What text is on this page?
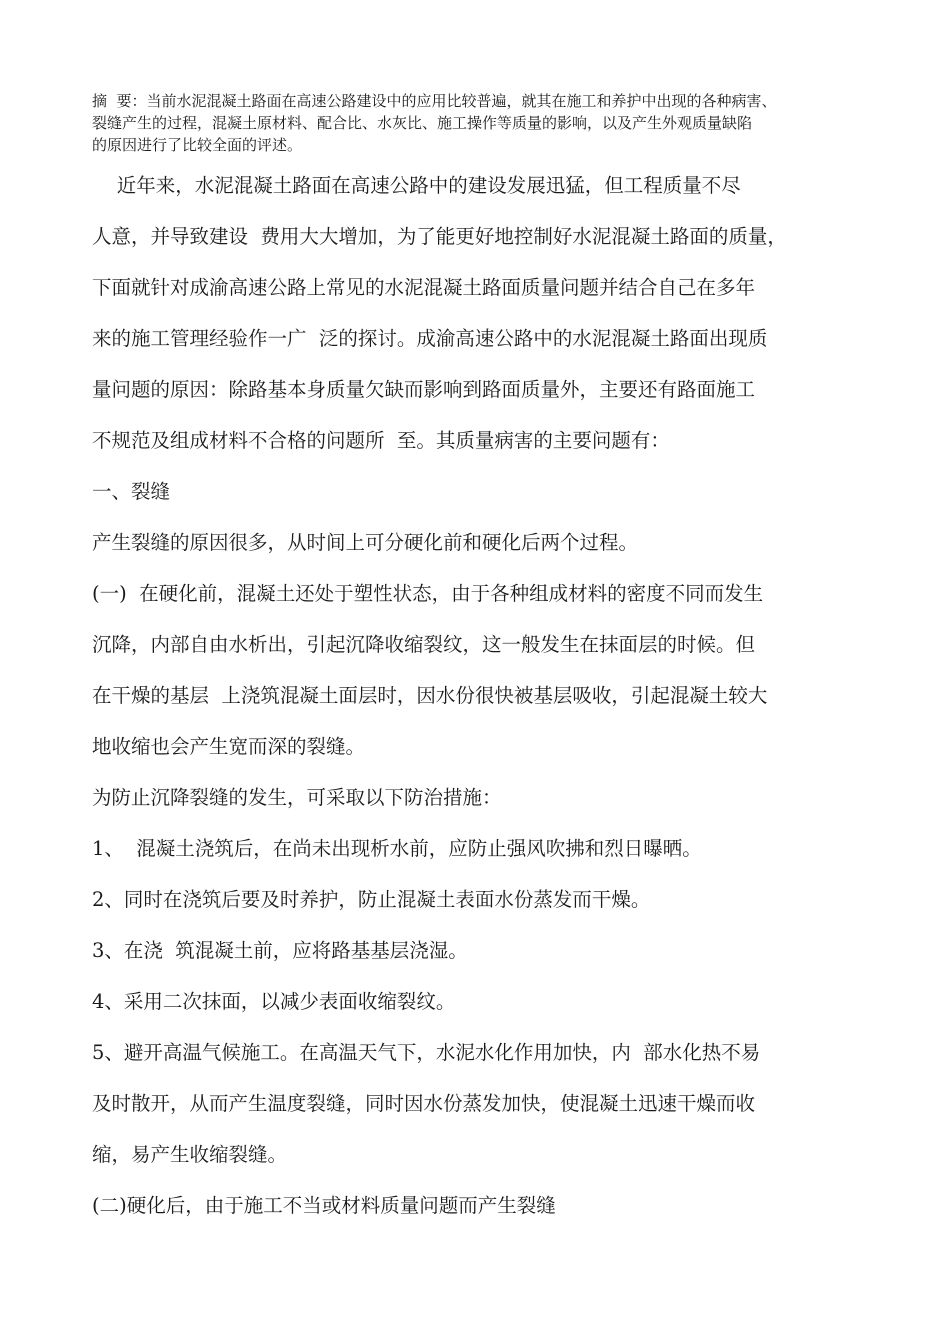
摘  要：当前水泥混凝土路面在高速公路建设中的应用比较普遍，就其在施工和养护中出现的各种病害、

裂缝产生的过程，混凝土原材料、配合比、水灰比、施工操作等质量的影响，以及产生外观质量缺陷

的原因进行了比较全面的评述。

近年来，水泥混凝土路面在高速公路中的建设发展迅猛，但工程质量不尽

人意，并导致建设  费用大大增加，为了能更好地控制好水泥混凝土路面的质量，

下面就针对成渝高速公路上常见的水泥混凝土路面质量问题并结合自己在多年

来的施工管理经验作一广  泛的探讨。成渝高速公路中的水泥混凝土路面出现质

量问题的原因：除路基本身质量欠缺而影响到路面质量外，主要还有路面施工

不规范及组成材料不合格的问题所  至。其质量病害的主要问题有：

一、裂缝

产生裂缝的原因很多，从时间上可分硬化前和硬化后两个过程。

(一)  在硬化前，混凝土还处于塑性状态，由于各种组成材料的密度不同而发生

沉降，内部自由水析出，引起沉降收缩裂纹，这一般发生在抹面层的时候。但

在干燥的基层  上浇筑混凝土面层时，因水份很快被基层吸收，引起混凝土较大

地收缩也会产生宽而深的裂缝。

为防止沉降裂缝的发生，可采取以下防治措施：

1、  混凝土浇筑后，在尚未出现析水前，应防止强风吹拂和烈日曝晒。

2、同时在浇筑后要及时养护，防止混凝土表面水份蒸发而干燥。

3、在浇  筑混凝土前，应将路基基层浇湿。

4、采用二次抹面，以减少表面收缩裂纹。

5、避开高温气候施工。在高温天气下，水泥水化作用加快，内  部水化热不易

及时散开，从而产生温度裂缝，同时因水份蒸发加快，使混凝土迅速干燥而收

缩，易产生收缩裂缝。

(二)硬化后，由于施工不当或材料质量问题而产生裂缝
